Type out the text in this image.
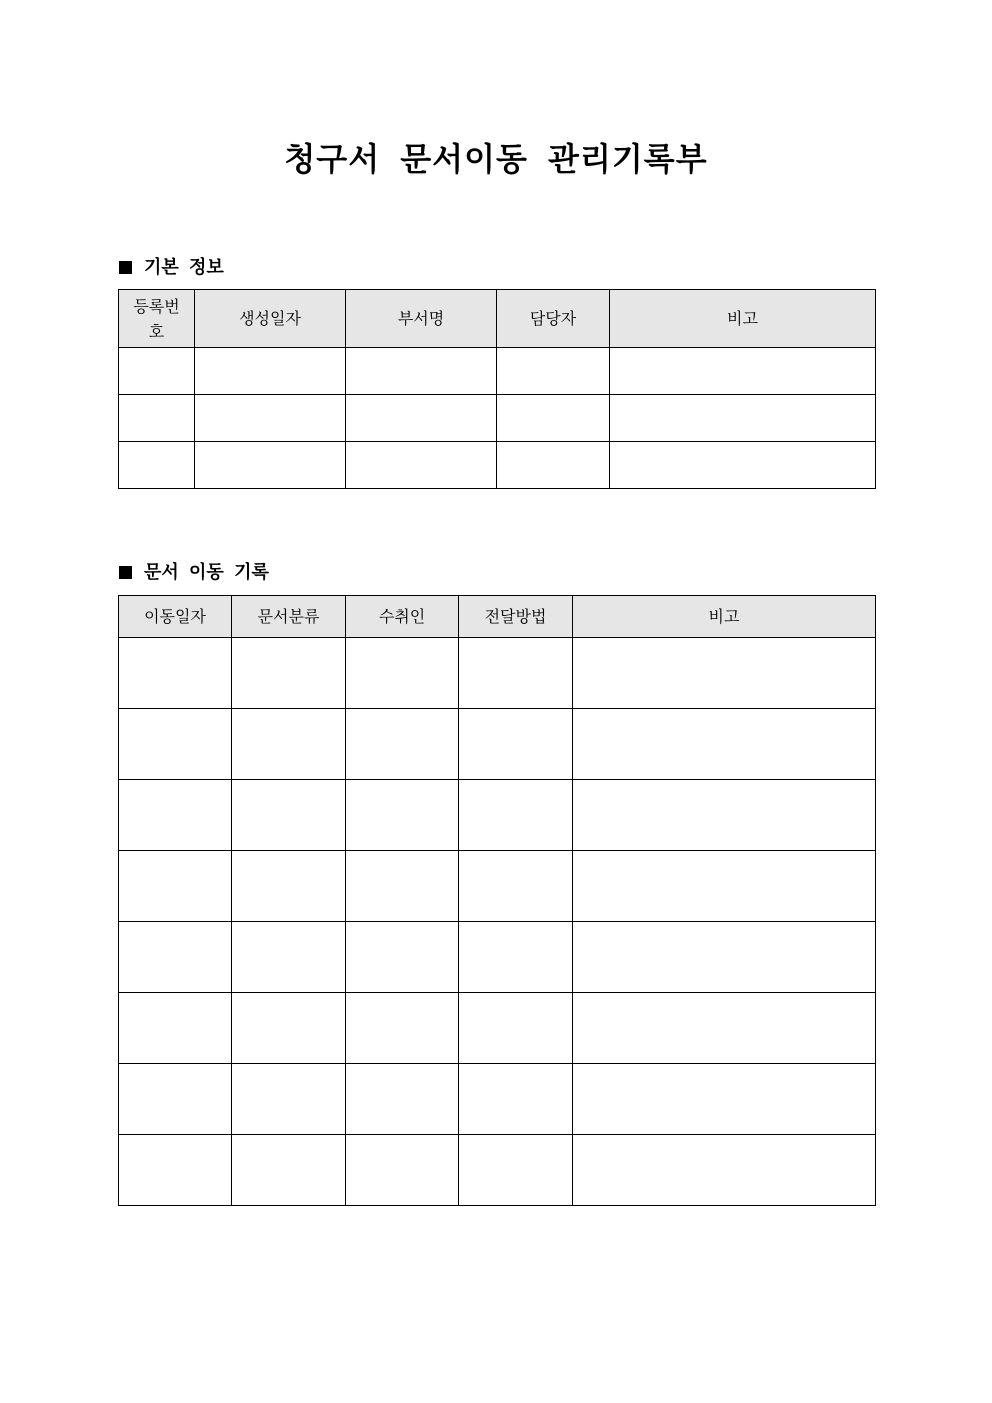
청구서 문서이동 관리기록부
기본 정보
등록번호	생성일자	부서명	담당자	비고

문서 이동 기록
이동일자	문서분류	수취인	전달방법	비고
